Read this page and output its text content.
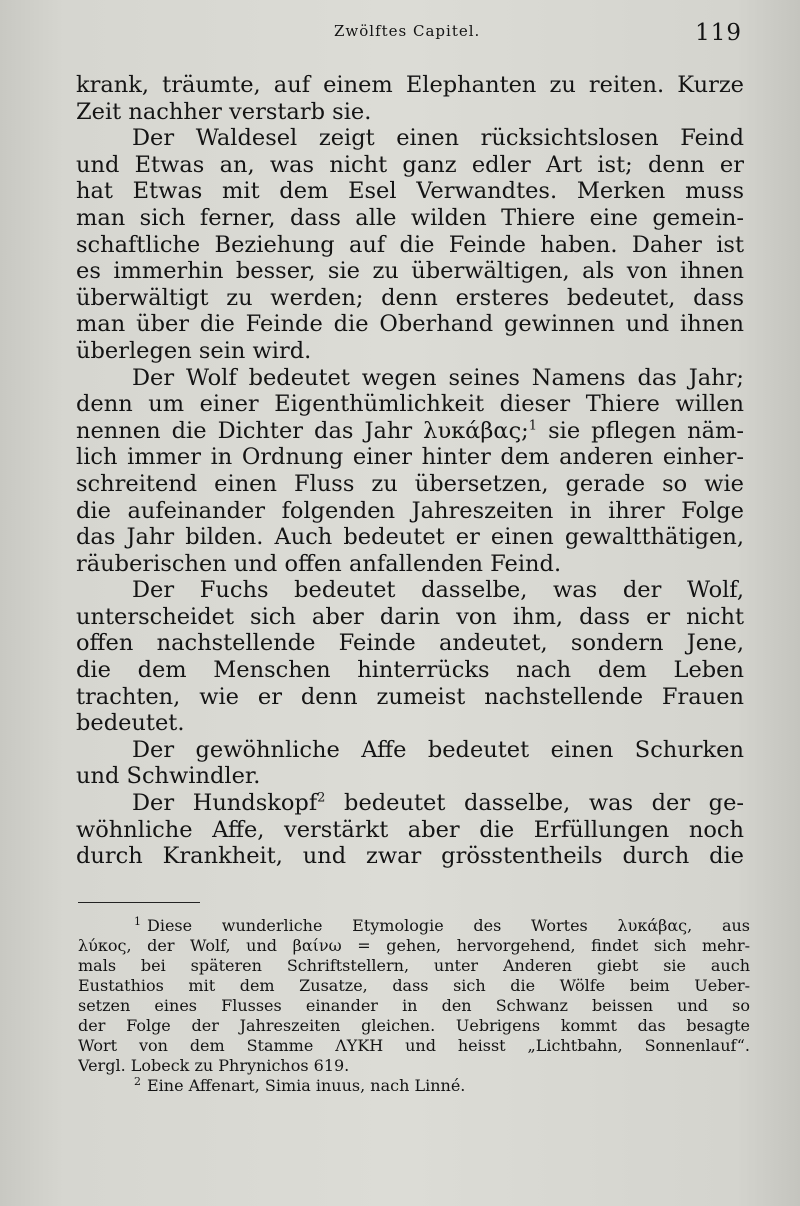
Zwölftes Capitel.	119
krank, träumte, auf einem Elephanten zu reiten. Kurze
Zeit nachher verstarb sie.
Der Waldesel zeigt einen rücksichtslosen Feind
und Etwas an, was nicht ganz edler Art ist; denn er
hat Etwas mit dem Esel Verwandtes. Merken muss
man sich ferner, dass alle wilden Thiere eine gemein-
schaftliche Beziehung auf die Feinde haben. Daher ist
es immerhin besser, sie zu überwältigen, als von ihnen
überwältigt zu werden; denn ersteres bedeutet, dass
man über die Feinde die Oberhand gewinnen und ihnen
überlegen sein wird.
Der Wolf bedeutet wegen seines Namens das Jahr;
denn um einer Eigenthümlichkeit dieser Thiere willen
nennen die Dichter das Jahr λυκάβας;$^1$ sie pflegen näm-
lich immer in Ordnung einer hinter dem anderen einher-
schreitend einen Fluss zu übersetzen, gerade so wie
die aufeinander folgenden Jahreszeiten in ihrer Folge
das Jahr bilden. Auch bedeutet er einen gewaltthätigen,
räuberischen und offen anfallenden Feind.
Der Fuchs bedeutet dasselbe, was der Wolf,
unterscheidet sich aber darin von ihm, dass er nicht
offen nachstellende Feinde andeutet, sondern Jene,
die dem Menschen hinterrücks nach dem Leben
trachten, wie er denn zumeist nachstellende Frauen
bedeutet.
Der gewöhnliche Affe bedeutet einen Schurken
und Schwindler.
Der Hundskopf$^2$ bedeutet dasselbe, was der ge-
wöhnliche Affe, verstärkt aber die Erfüllungen noch
durch Krankheit, und zwar grösstentheils durch die
$^1$ Diese wunderliche Etymologie des Wortes λυκάβας, aus
λύκος, der Wolf, und βαίνω = gehen, hervorgehend, findet sich mehr-
mals bei späteren Schriftstellern, unter Anderen giebt sie auch
Eustathios mit dem Zusatze, dass sich die Wölfe beim Ueber-
setzen eines Flusses einander in den Schwanz beissen und so
der Folge der Jahreszeiten gleichen. Uebrigens kommt das besagte
Wort von dem Stamme ΛΥΚΗ und heisst „Lichtbahn, Sonnenlauf“.
Vergl. Lobeck zu Phrynichos 619.
$^2$ Eine Affenart, Simia inuus, nach Linné.
